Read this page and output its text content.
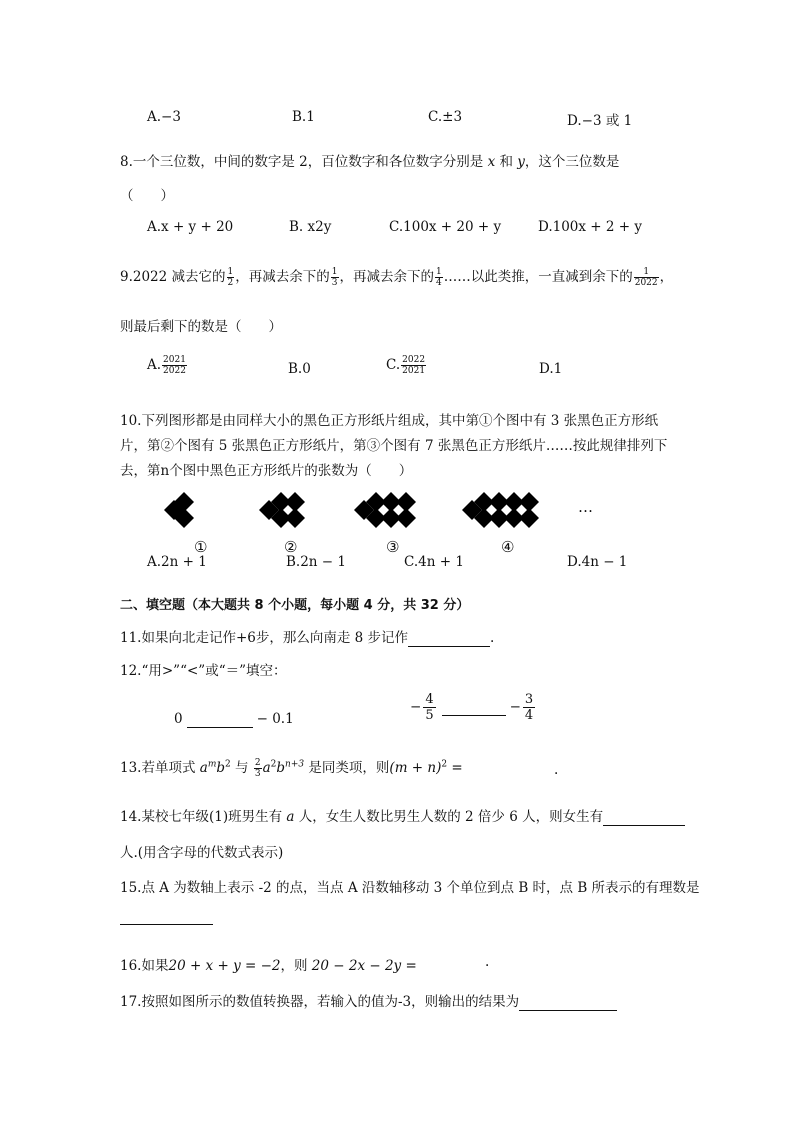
A.−3	B.1	C.±3	D.−3 或 1
8.一个三位数，中间的数字是 2，百位数字和各位数字分别是 x 和 y，这个三位数是
（　　）
A.x + y + 20	B. x2y	C.100x + 20 + y	D.100x + 2 + y
9.2022 减去它的 $\frac{1}{2}$ ，再减去余下的 $\frac{1}{3}$ ，再减去余下的 $\frac{1}{4}$ ……以此类推，一直减到余下的 $\frac{1}{2022}$ ，
则最后剩下的数是（　　）
A. $\frac{2021}{2022}$	B.0	C. $\frac{2022}{2021}$	D.1
10.下列图形都是由同样大小的黑色正方形纸片组成，其中第①个图中有 3 张黑色正方形纸
片，第②个图有 5 张黑色正方形纸片，第③个图有 7 张黑色正方形纸片……按此规律排列下
去，第n个图中黑色正方形纸片的张数为（　　）
…
①	②	③	④
A.2n + 1	B.2n − 1	C.4n + 1	D.4n − 1
二、填空题（本大题共 8 个小题，每小题 4 分，共 32 分）
11.如果向北走记作+6步，那么向南走 8 步记作	.
12.“用>”“<”或“＝”填空：
0	− 0.1
− $\frac{4}{5}$	− $\frac{3}{4}$
13.若单项式 $a^mb^2$ 与 $\frac{2}{3} a^2b^{n+3}$ 是同类项，则$(m + n)^2$ =	.
14.某校七年级(1)班男生有 a 人，女生人数比男生人数的 2 倍少 6 人，则女生有
人.(用含字母的代数式表示)
15.点 A 为数轴上表示 -2 的点，当点 A 沿数轴移动 3 个单位到点 B 时，点 B 所表示的有理数是
16.如果20 + x + y = −2，则 20 − 2x − 2y =	.
17.按照如图所示的数值转换器，若输入的值为-3，则输出的结果为
